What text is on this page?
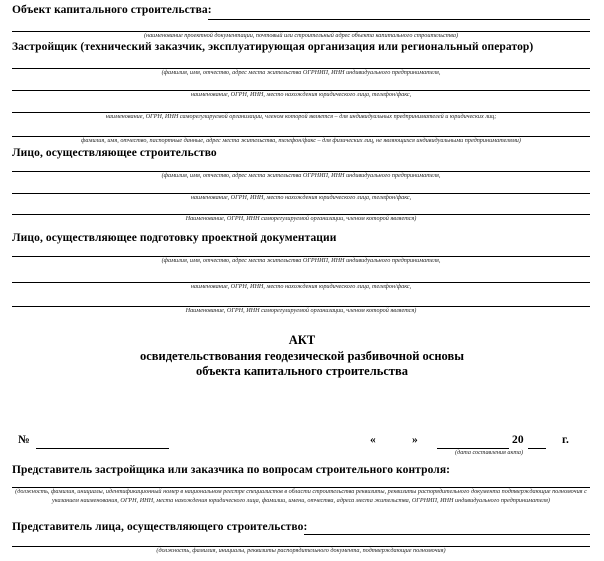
Объект капитального строительства:
(наименование проектной документации, почтовый или строительный адрес объекта капитального строительства)
Застройщик (технический заказчик, эксплуатирующая организация или региональный оператор)
(фамилия, имя, отчество, адрес места жительства ОГРНИП, ИНН индивидуального предпринимателя,
наименование, ОГРН, ИНН, место нахождения юридического лица, телефон/факс,
наименование, ОГРН, ИНН саморегулируемой организации, членом которой является – для индивидуальных предпринимателей и юридических лиц;
фамилия, имя, отчество, паспортные данные, адрес места жительства, телефон/факс – для физических лиц, не являющихся индивидуальными предпринимателями)
Лицо, осуществляющее строительство
(фамилия, имя, отчество, адрес места жительства ОГРНИП, ИНН индивидуального предпринимателя,
наименование, ОГРН, ИНН, место нахождения юридического лица, телефон/факс,
Наименование, ОГРН, ИНН саморегулируемой организации, членом которой является)
Лицо, осуществляющее подготовку проектной документации
(фамилия, имя, отчество, адрес места жительства ОГРНИП, ИНН индивидуального предпринимателя,
наименование, ОГРН, ИНН, место нахождения юридического лица, телефон/факс,
Наименование, ОГРН, ИНН саморегулируемой организации, членом которой является)
АКТ
освидетельствования геодезической разбивочной основы
объекта капитального строительства
№	«	»	20	г.
(дата составления акта)
Представитель застройщика или заказчика по вопросам строительного контроля:
(должность, фамилия, инициалы, идентификационный номер в национальном реестре специалистов в области строительства реквизиты, реквизиты распорядительного документа подтверждающие полномочия с указанием наименования, ОГРН, ИНН, места нахождения юридического лица, фамилии, имени, отчества, адреса места жительства, ОГРНИП, ИНН индивидуального предпринимателя)
Представитель лица, осуществляющего строительство:
(должность, фамилия, инициалы, реквизиты распорядительного документа, подтверждающие полномочия)
